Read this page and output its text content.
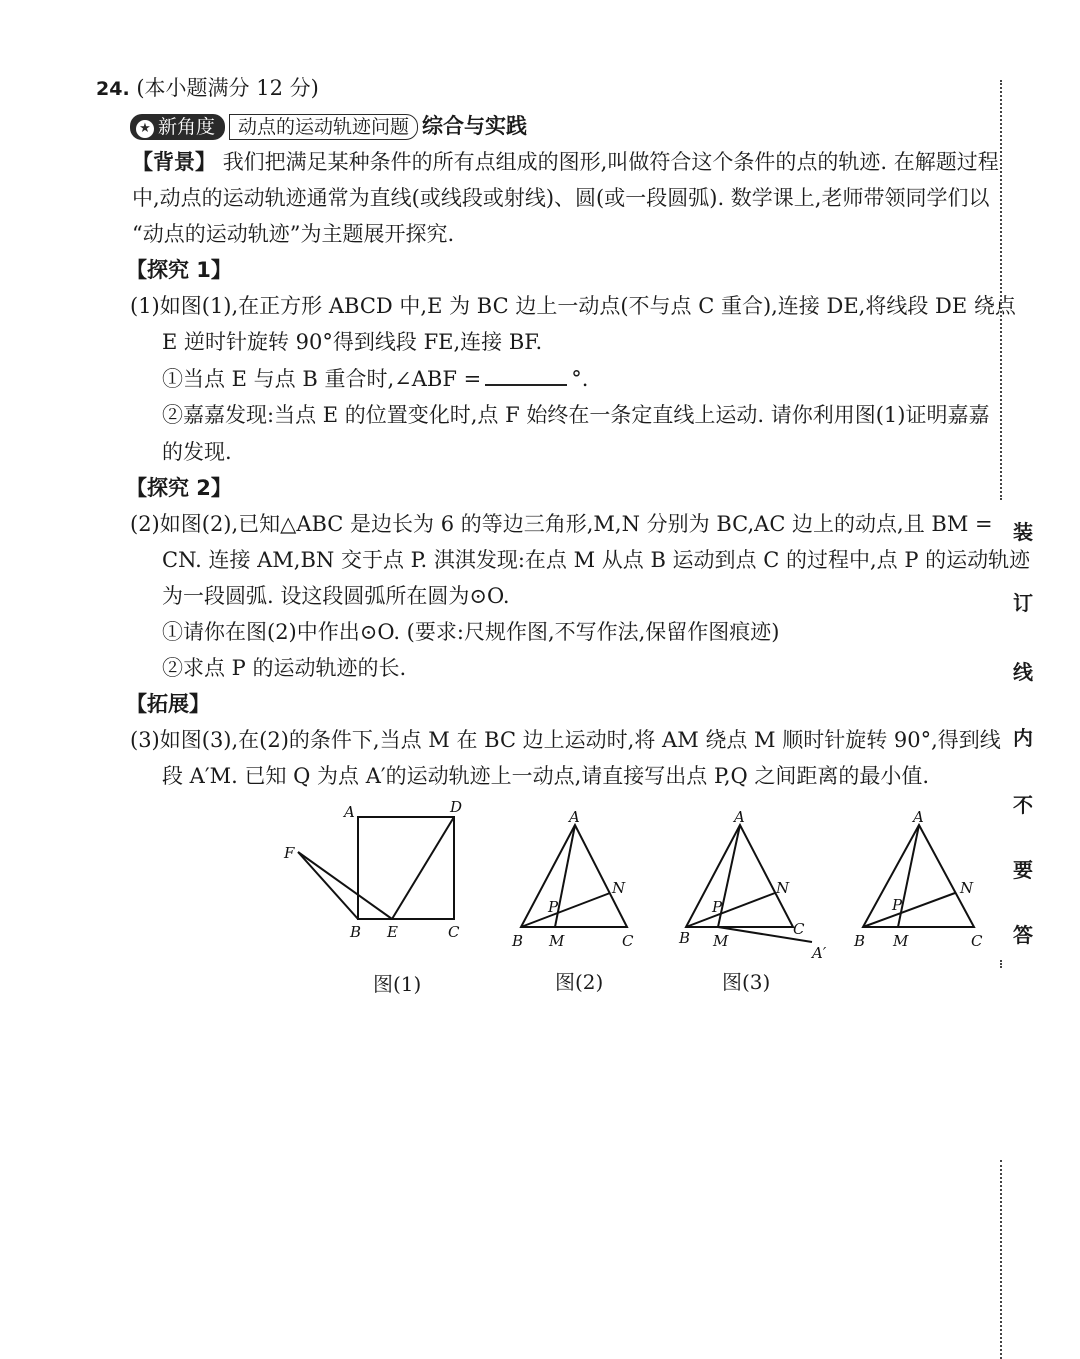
24. (本小题满分 12 分)
★ 新角度 动点的运动轨迹问题 综合与实践
【背景】 我们把满足某种条件的所有点组成的图形,叫做符合这个条件的点的轨迹. 在解题过程
中,动点的运动轨迹通常为直线(或线段或射线)、圆(或一段圆弧). 数学课上,老师带领同学们以
“动点的运动轨迹”为主题展开探究.
【探究 1】
(1)如图(1),在正方形 ABCD 中,E 为 BC 边上一动点(不与点 C 重合),连接 DE,将线段 DE 绕点
E 逆时针旋转 90°得到线段 FE,连接 BF.
①当点 E 与点 B 重合时,∠ABF =	°.
②嘉嘉发现:当点 E 的位置变化时,点 F 始终在一条定直线上运动. 请你利用图(1)证明嘉嘉
的发现.
【探究 2】
(2)如图(2),已知△ABC 是边长为 6 的等边三角形,M,N 分别为 BC,AC 边上的动点,且 BM =
CN. 连接 AM,BN 交于点 P. 淇淇发现:在点 M 从点 B 运动到点 C 的过程中,点 P 的运动轨迹
为一段圆弧. 设这段圆弧所在圆为⊙O.
①请你在图(2)中作出⊙O. (要求:尺规作图,不写作法,保留作图痕迹)
②求点 P 的运动轨迹的长.
【拓展】
(3)如图(3),在(2)的条件下,当点 M 在 BC 边上运动时,将 AM 绕点 M 顺时针旋转 90°,得到线
段 A′M. 已知 Q 为点 A′的运动轨迹上一动点,请直接写出点 P,Q 之间距离的最小值.
A	D
F
B E	C
A
N
P
B M	C
A
N
P
B M
C
A′
A
N
P
B M	C
图(1)	图(2)	图(3)
装
订
线
内
不
要
答
